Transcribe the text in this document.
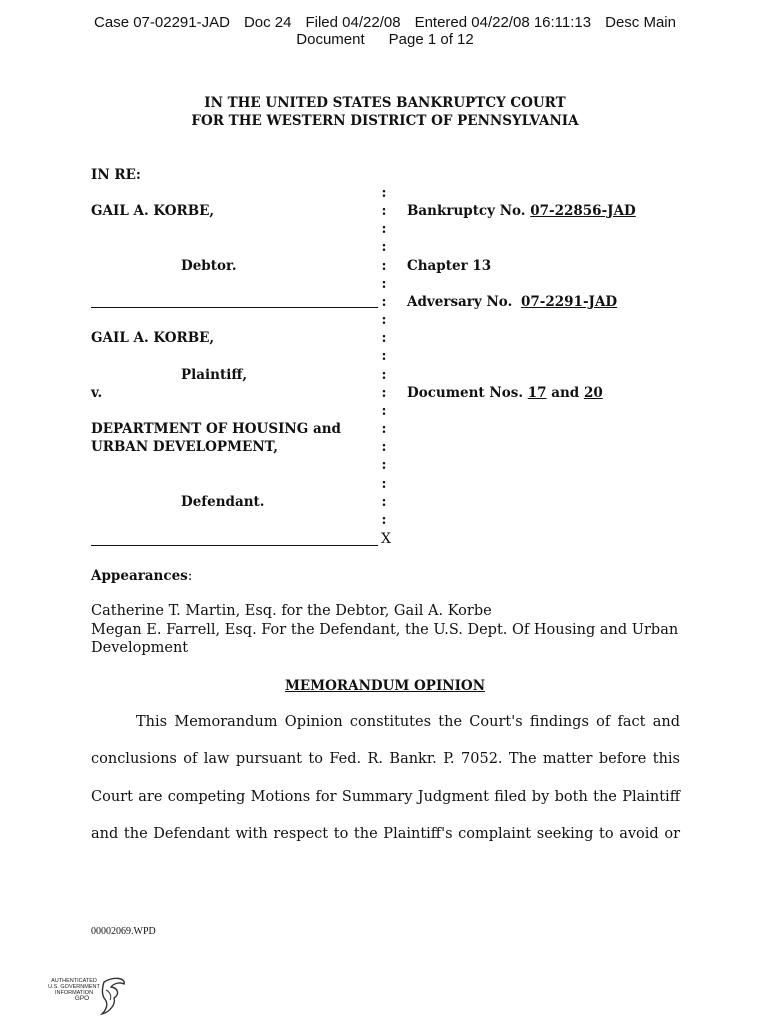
Case 07-02291-JAD Doc 24 Filed 04/22/08 Entered 04/22/08 16:11:13 Desc Main
Document Page 1 of 12
IN THE UNITED STATES BANKRUPTCY COURT
FOR THE WESTERN DISTRICT OF PENNSYLVANIA
IN RE:
GAIL A. KORBE,
Debtor.
GAIL A. KORBE,
Plaintiff,
v.
DEPARTMENT OF HOUSING and
URBAN DEVELOPMENT,
Defendant.
:
:
:
:
:
:
:
:
:
:
:
:
:
:
:
:
:
:
:
X
Bankruptcy No. 07-22856-JAD
Chapter 13
Adversary No. 07-2291-JAD
Document Nos. 17 and 20
Appearances:
Catherine T. Martin, Esq. for the Debtor, Gail A. Korbe
Megan E. Farrell, Esq. For the Defendant, the U.S. Dept. Of Housing and Urban
Development
MEMORANDUM OPINION
This Memorandum Opinion constitutes the Court's findings of fact and
conclusions of law pursuant to Fed. R. Bankr. P. 7052. The matter before this
Court are competing Motions for Summary Judgment filed by both the Plaintiff
and the Defendant with respect to the Plaintiff's complaint seeking to avoid or
00002069.WPD
AUTHENTICATED
U.S. GOVERNMENT
INFORMATION
GPO
